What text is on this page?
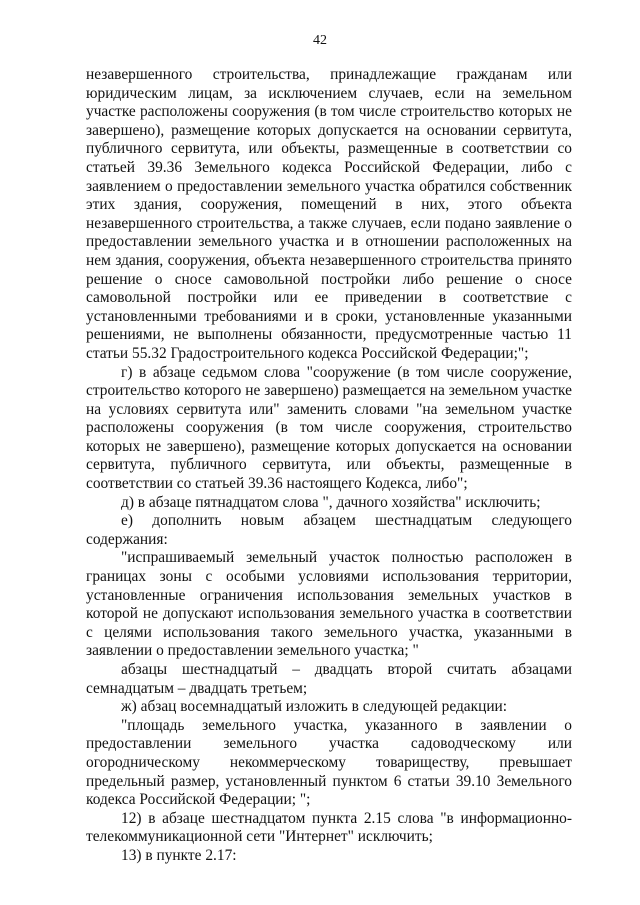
42

незавершенного строительства, принадлежащие гражданам или юридическим лицам, за исключением случаев, если на земельном участке расположены сооружения (в том числе строительство которых не завершено), размещение которых допускается на основании сервитута, публичного сервитута, или объекты, размещенные в соответствии со статьей 39.36 Земельного кодекса Российской Федерации, либо с заявлением о предоставлении земельного участка обратился собственник этих здания, сооружения, помещений в них, этого объекта незавершенного строительства, а также случаев, если подано заявление о предоставлении земельного участка и в отношении расположенных на нем здания, сооружения, объекта незавершенного строительства принято решение о сносе самовольной постройки либо решение о сносе самовольной постройки или ее приведении в соответствие с установленными требованиями и в сроки, установленные указанными решениями, не выполнены обязанности, предусмотренные частью 11 статьи 55.32 Градостроительного кодекса Российской Федерации;";

г) в абзаце седьмом слова "сооружение (в том числе сооружение, строительство которого не завершено) размещается на земельном участке на условиях сервитута или" заменить словами "на земельном участке расположены сооружения (в том числе сооружения, строительство которых не завершено), размещение которых допускается на основании сервитута, публичного сервитута, или объекты, размещенные в соответствии со статьей 39.36 настоящего Кодекса, либо";

д) в абзаце пятнадцатом слова ", дачного хозяйства" исключить;

е) дополнить новым абзацем шестнадцатым следующего содержания:

"испрашиваемый земельный участок полностью расположен в границах зоны с особыми условиями использования территории, установленные ограничения использования земельных участков в которой не допускают использования земельного участка в соответствии с целями использования такого земельного участка, указанными в заявлении о предоставлении земельного участка; "

абзацы шестнадцатый – двадцать второй считать абзацами семнадцатым – двадцать третьем;

ж) абзац восемнадцатый изложить в следующей редакции:

"площадь земельного участка, указанного в заявлении о предоставлении земельного участка садоводческому или огородническому некоммерческому товариществу, превышает предельный размер, установленный пунктом 6 статьи 39.10 Земельного кодекса Российской Федерации; ";

12) в абзаце шестнадцатом пункта 2.15 слова "в информационно-телекоммуникационной сети "Интернет" исключить;

13) в пункте 2.17:
